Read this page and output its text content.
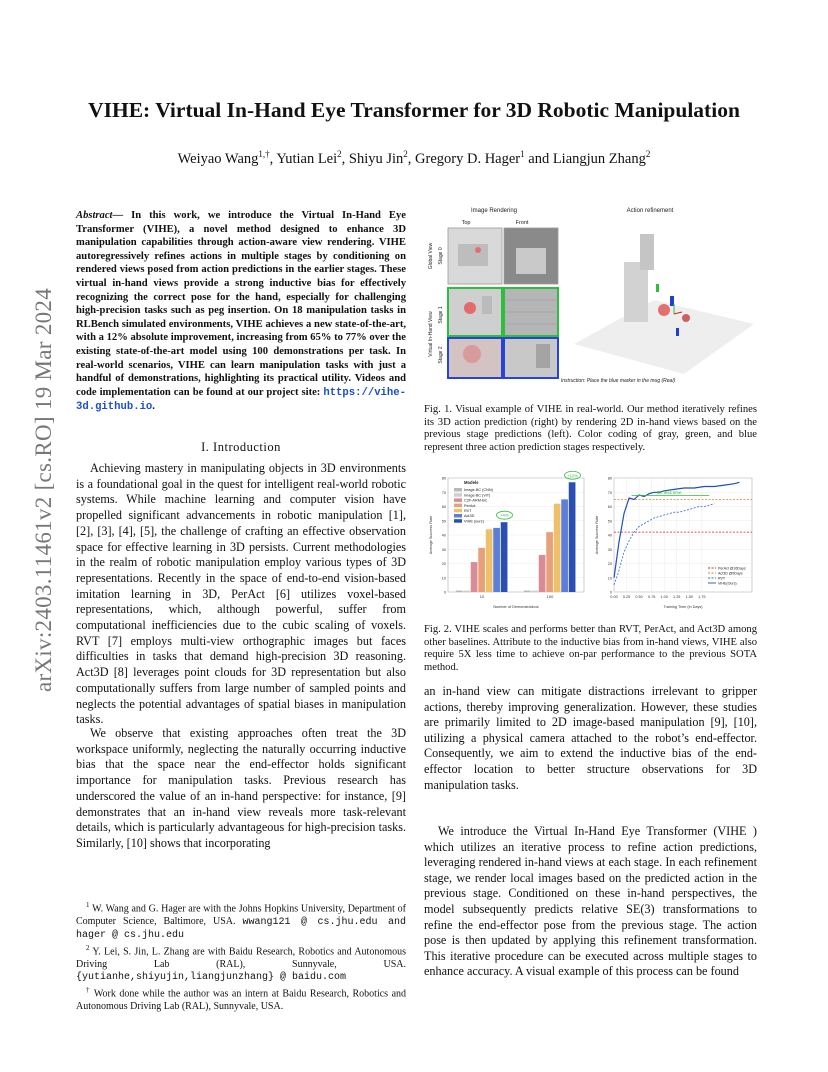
arXiv:2403.11461v2 [cs.RO] 19 Mar 2024
VIHE: Virtual In-Hand Eye Transformer for 3D Robotic Manipulation
Weiyao Wang$^{1,\dagger}$, Yutian Lei$^2$, Shiyu Jin$^2$, Gregory D. Hager$^1$ and Liangjun Zhang$^2$

Abstract— In this work, we introduce the Virtual In-Hand Eye Transformer (VIHE), a novel method designed to enhance 3D manipulation capabilities through action-aware view rendering. VIHE autoregressively refines actions in multiple stages by conditioning on rendered views posed from action predictions in the earlier stages. These virtual in-hand views provide a strong inductive bias for effectively recognizing the correct pose for the hand, especially for challenging high-precision tasks such as peg insertion. On 18 manipulation tasks in RLBench simulated environments, VIHE achieves a new state-of-the-art, with a 12% absolute improvement, increasing from 65% to 77% over the existing state-of-the-art model using 100 demonstrations per task. In real-world scenarios, VIHE can learn manipulation tasks with just a handful of demonstrations, highlighting its practical utility. Videos and code implementation can be found at our project site: https://vihe-3d.github.io.

I. Introduction

Achieving mastery in manipulating objects in 3D environments is a foundational goal in the quest for intelligent real-world robotic systems. While machine learning and computer vision have propelled significant advancements in robotic manipulation [1], [2], [3], [4], [5], the challenge of crafting an effective observation space for effective learning in 3D persists. Current methodologies in the realm of robotic manipulation employ various types of 3D representations. Recently in the space of end-to-end vision-based imitation learning in 3D, PerAct [6] utilizes voxel-based representations, which, although powerful, suffer from computational inefficiencies due to the cubic scaling of voxels. RVT [7] employs multi-view orthographic images but faces difficulties in tasks that demand high-precision 3D reasoning. Act3D [8] leverages point clouds for 3D representation but also computationally suffers from large number of sampled points and neglects the potential advantages of spatial biases in manipulation tasks.

We observe that existing approaches often treat the 3D workspace uniformly, neglecting the naturally occurring inductive bias that the space near the end-effector holds significant importance for manipulation tasks. Previous research has underscored the value of an in-hand perspective: for instance, [9] demonstrates that an in-hand view reveals more task-relevant details, which is particularly advantageous for high-precision tasks. Similarly, [10] shows that incorporating

$^1$ W. Wang and G. Hager are with the Johns Hopkins University, Department of Computer Science, Baltimore, USA. wwang121 @ cs.jhu.edu and hager @ cs.jhu.edu

$^2$ Y. Lei, S. Jin, L. Zhang are with Baidu Research, Robotics and Autonomous Driving Lab (RAL), Sunnyvale, USA. {yutianhe,shiyujin,liangjunzhang} @ baidu.com

† Work done while the author was an intern at Baidu Research, Robotics and Autonomous Driving Lab (RAL), Sunnyvale, USA.

Image Rendering	Action refinement
Top	Front
Global View
Virtual In-Hand View
Stage 0
Stage 1
Stage 2
Instruction: Place the blue marker in the mug (Real)

Fig. 1. Visual example of VIHE in real-world. Our method iteratively refines its 3D action prediction (right) by rendering 2D in-hand views based on the previous stage predictions (left). Color coding of gray, green, and blue represent three action prediction stages respectively.

0
10
20
30
40
50
60
70
80
10
+4%
100
+12%
Number of Demonstrations
Average Success Rate
Models
Image-BC (CNN)
Image-BC (ViT)
C2F-ARM-BC
PerAct
RVT
Act3D
VIHE (ours)
0
10
20
30
40
50
60
70
80
0.00 0.25 0.50 0.75 1.00 1.25 1.50 1.75
5X less time
PerAct @16Days
Act3D @5Days
RVT
VIHE(Ours)
Training Time (in Days)
Average Success Rate

Fig. 2. VIHE scales and performs better than RVT, PerAct, and Act3D among other baselines. Attribute to the inductive bias from in-hand views, VIHE also require 5X less time to achieve on-par performance to the previous SOTA method.

an in-hand view can mitigate distractions irrelevant to gripper actions, thereby improving generalization. However, these studies are primarily limited to 2D image-based manipulation [9], [10], utilizing a physical camera attached to the robot’s end-effector. Consequently, we aim to extend the inductive bias of the end-effector location to better structure observations for 3D manipulation tasks.

We introduce the Virtual In-Hand Eye Transformer (VIHE ) which utilizes an iterative process to refine action predictions, leveraging rendered in-hand views at each stage. In each refinement stage, we render local images based on the predicted action in the previous stage. Conditioned on these in-hand perspectives, the model subsequently predicts relative SE(3) transformations to refine the end-effector pose from the previous stage. The action pose is then updated by applying this refinement transformation. This iterative procedure can be executed across multiple stages to enhance accuracy. A visual example of this process can be found
